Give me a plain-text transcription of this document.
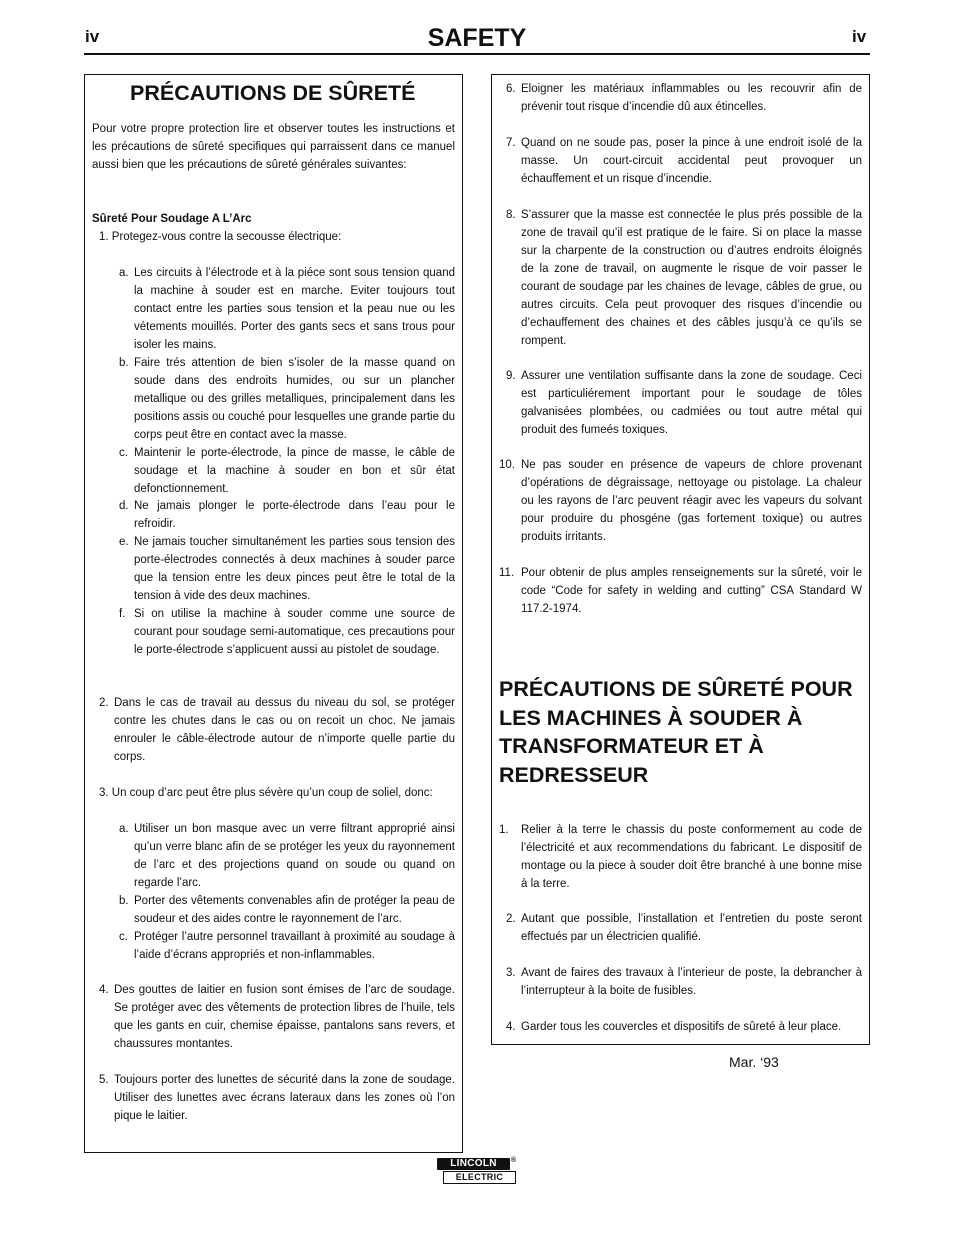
iv	SAFETY	iv
PRÉCAUTIONS DE SÛRETÉ
Pour votre propre protection lire et observer toutes les instructions et les précautions de sûreté specifiques qui parraissent dans ce manuel aussi bien que les précautions de sûreté générales suivantes:
Sûreté Pour Soudage A L’Arc
1. Protegez-vous contre la secousse électrique:
a. Les circuits à l’électrode et à la piéce sont sous tension quand la machine à souder est en marche. Eviter toujours tout contact entre les parties sous tension et la peau nue ou les vétements mouillés. Porter des gants secs et sans trous pour isoler les mains.
b. Faire trés attention de bien s’isoler de la masse quand on soude dans des endroits humides, ou sur un plancher metallique ou des grilles metalliques, principalement dans les positions assis ou couché pour lesquelles une grande partie du corps peut être en contact avec la masse.
c. Maintenir le porte-électrode, la pince de masse, le câble de soudage et la machine à souder en bon et sûr état defonctionnement.
d. Ne jamais plonger le porte-électrode dans l’eau pour le refroidir.
e. Ne jamais toucher simultanément les parties sous tension des porte-électrodes connectés à deux machines à souder parce que la tension entre les deux pinces peut être le total de la tension à vide des deux machines.
f. Si on utilise la machine à souder comme une source de courant pour soudage semi-automatique, ces precautions pour le porte-électrode s’applicuent aussi au pistolet de soudage.
2. Dans le cas de travail au dessus du niveau du sol, se protéger contre les chutes dans le cas ou on recoit un choc. Ne jamais enrouler le câble-électrode autour de n’importe quelle partie du corps.
3. Un coup d’arc peut être plus sévère qu’un coup de soliel, donc:
a. Utiliser un bon masque avec un verre filtrant approprié ainsi qu’un verre blanc afin de se protéger les yeux du rayonnement de l’arc et des projections quand on soude ou quand on regarde l’arc.
b. Porter des vêtements convenables afin de protéger la peau de soudeur et des aides contre le rayonnement de l’arc.
c. Protéger l’autre personnel travaillant à proximité au soudage à l’aide d’écrans appropriés et non-inflammables.
4. Des gouttes de laitier en fusion sont émises de l’arc de soudage. Se protéger avec des vêtements de protection libres de l’huile, tels que les gants en cuir, chemise épaisse, pantalons sans revers, et chaussures montantes.
5. Toujours porter des lunettes de sécurité dans la zone de soudage. Utiliser des lunettes avec écrans lateraux dans les zones où l’on pique le laitier.
6. Eloigner les matériaux inflammables ou les recouvrir afin de prévenir tout risque d’incendie dû aux étincelles.
7. Quand on ne soude pas, poser la pince à une endroit isolé de la masse. Un court-circuit accidental peut provoquer un échauffement et un risque d’incendie.
8. S’assurer que la masse est connectée le plus prés possible de la zone de travail qu’il est pratique de le faire. Si on place la masse sur la charpente de la construction ou d’autres endroits éloignés de la zone de travail, on augmente le risque de voir passer le courant de soudage par les chaines de levage, câbles de grue, ou autres circuits. Cela peut provoquer des risques d’incendie ou d’echauffement des chaines et des câbles jusqu’à ce qu’ils se rompent.
9. Assurer une ventilation suffisante dans la zone de soudage. Ceci est particuliérement important pour le soudage de tôles galvanisées plombées, ou cadmiées ou tout autre métal qui produit des fumeés toxiques.
10. Ne pas souder en présence de vapeurs de chlore provenant d’opérations de dégraissage, nettoyage ou pistolage. La chaleur ou les rayons de l’arc peuvent réagir avec les vapeurs du solvant pour produire du phosgéne (gas fortement toxique) ou autres produits irritants.
11. Pour obtenir de plus amples renseignements sur la sûreté, voir le code “Code for safety in welding and cutting” CSA Standard W 117.2-1974.
PRÉCAUTIONS DE SÛRETÉ POUR
LES MACHINES À SOUDER À
TRANSFORMATEUR ET À
REDRESSEUR
1. Relier à la terre le chassis du poste conformement au code de l’électricité et aux recommendations du fabricant. Le dispositif de montage ou la piece à souder doit être branché à une bonne mise à la terre.
2. Autant que possible, l’installation et l’entretien du poste seront effectués par un électricien qualifié.
3. Avant de faires des travaux à l’interieur de poste, la debrancher à l’interrupteur à la boite de fusibles.
4. Garder tous les couvercles et dispositifs de sûreté à leur place.
Mar. ‘93
LINCOLN	®
ELECTRIC
